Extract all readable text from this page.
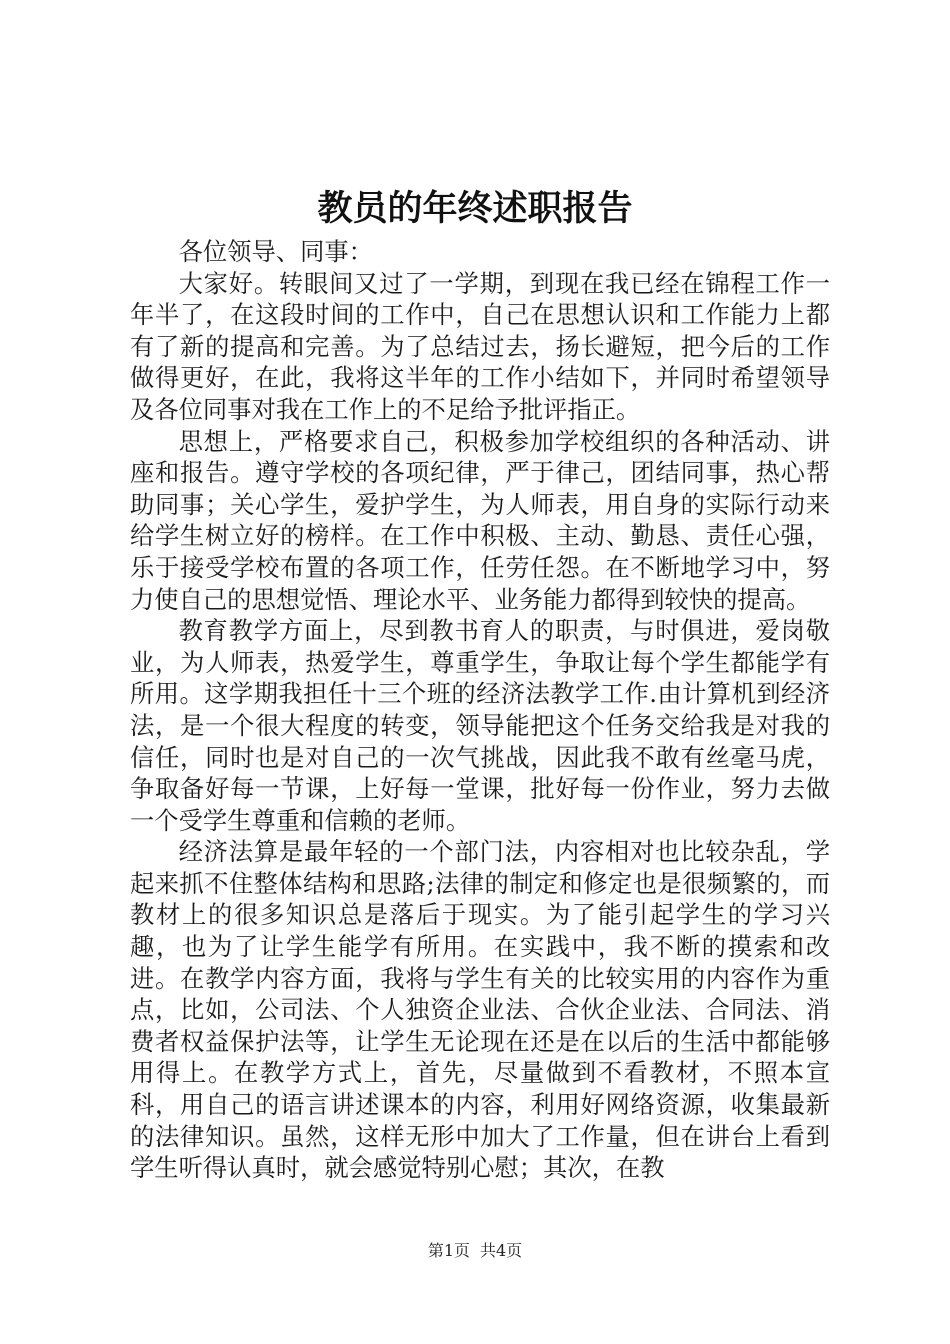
教员的年终述职报告

各位领导、同事：

大家好。转眼间又过了一学期，到现在我已经在锦程工作一年半了，在这段时间的工作中，自己在思想认识和工作能力上都有了新的提高和完善。为了总结过去，扬长避短，把今后的工作做得更好，在此，我将这半年的工作小结如下，并同时希望领导及各位同事对我在工作上的不足给予批评指正。

思想上，严格要求自己，积极参加学校组织的各种活动、讲座和报告。遵守学校的各项纪律，严于律己，团结同事，热心帮助同事；关心学生，爱护学生，为人师表，用自身的实际行动来给学生树立好的榜样。在工作中积极、主动、勤恳、责任心强，乐于接受学校布置的各项工作，任劳任怨。在不断地学习中，努力使自己的思想觉悟、理论水平、业务能力都得到较快的提高。

教育教学方面上，尽到教书育人的职责，与时俱进，爱岗敬业，为人师表，热爱学生，尊重学生，争取让每个学生都能学有所用。这学期我担任十三个班的经济法教学工作.由计算机到经济法，是一个很大程度的转变，领导能把这个任务交给我是对我的信任，同时也是对自己的一次气挑战，因此我不敢有丝毫马虎，争取备好每一节课，上好每一堂课，批好每一份作业，努力去做一个受学生尊重和信赖的老师。

经济法算是最年轻的一个部门法，内容相对也比较杂乱，学起来抓不住整体结构和思路;法律的制定和修定也是很频繁的，而教材上的很多知识总是落后于现实。为了能引起学生的学习兴趣，也为了让学生能学有所用。在实践中，我不断的摸索和改进。在教学内容方面，我将与学生有关的比较实用的内容作为重点，比如，公司法、个人独资企业法、合伙企业法、合同法、消费者权益保护法等，让学生无论现在还是在以后的生活中都能够用得上。在教学方式上，首先，尽量做到不看教材，不照本宣科，用自己的语言讲述课本的内容，利用好网络资源，收集最新的法律知识。虽然，这样无形中加大了工作量，但在讲台上看到学生听得认真时，就会感觉特别心慰；其次，在教

第1页 共4页
